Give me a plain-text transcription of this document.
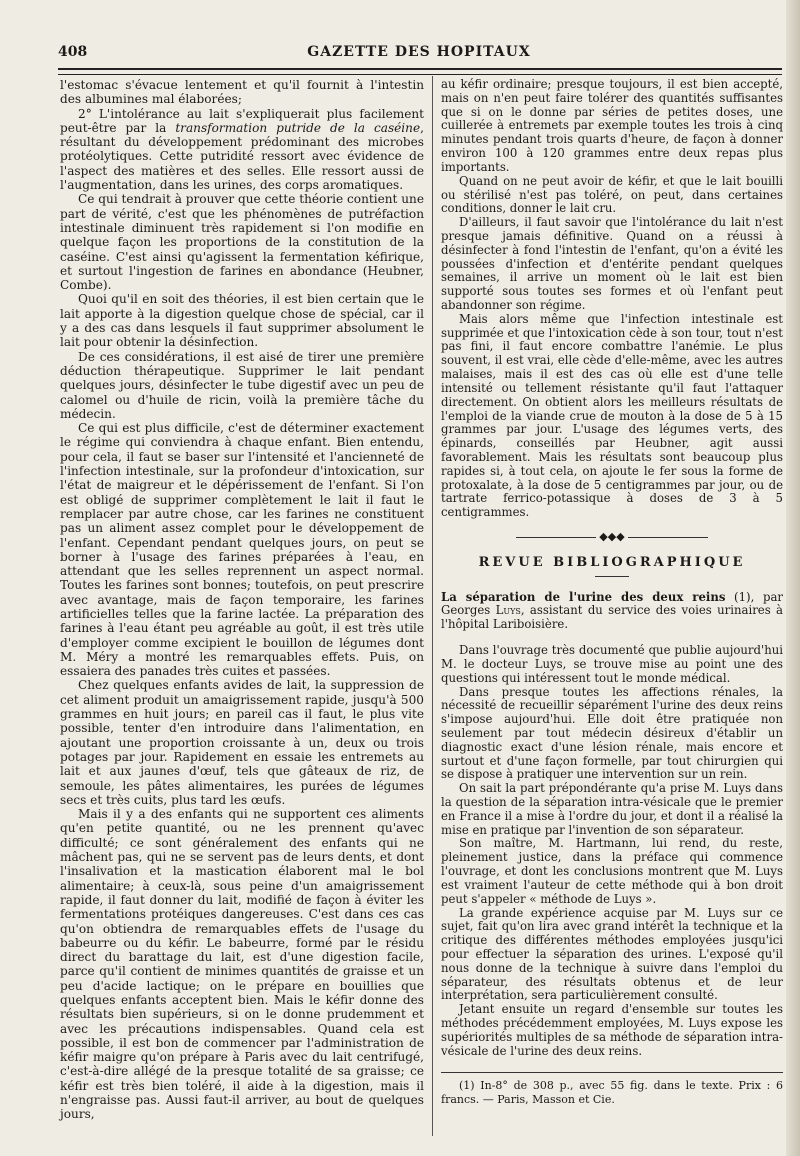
408	GAZETTE DES HOPITAUX

l'estomac s'évacue lentement et qu'il fournit à l'intestin des albumines mal élaborées;

2° L'intolérance au lait s'expliquerait plus facilement peut-être par la transformation putride de la caséine, résultant du développement prédominant des microbes protéolytiques. Cette putridité ressort avec évidence de l'aspect des matières et des selles. Elle ressort aussi de l'augmentation, dans les urines, des corps aromatiques.

Ce qui tendrait à prouver que cette théorie contient une part de vérité, c'est que les phénomènes de putréfaction intestinale diminuent très rapidement si l'on modifie en quelque façon les proportions de la constitution de la caséine. C'est ainsi qu'agissent la fermentation kéfirique, et surtout l'ingestion de farines en abondance (Heubner, Combe).

Quoi qu'il en soit des théories, il est bien certain que le lait apporte à la digestion quelque chose de spécial, car il y a des cas dans lesquels il faut supprimer absolument le lait pour obtenir la désinfection.

De ces considérations, il est aisé de tirer une première déduction thérapeutique. Supprimer le lait pendant quelques jours, désinfecter le tube digestif avec un peu de calomel ou d'huile de ricin, voilà la première tâche du médecin.

Ce qui est plus difficile, c'est de déterminer exactement le régime qui conviendra à chaque enfant. Bien entendu, pour cela, il faut se baser sur l'intensité et l'ancienneté de l'infection intestinale, sur la profondeur d'intoxication, sur l'état de maigreur et le dépérissement de l'enfant. Si l'on est obligé de supprimer complètement le lait il faut le remplacer par autre chose, car les farines ne constituent pas un aliment assez complet pour le développement de l'enfant. Cependant pendant quelques jours, on peut se borner à l'usage des farines préparées à l'eau, en attendant que les selles reprennent un aspect normal. Toutes les farines sont bonnes; toutefois, on peut prescrire avec avantage, mais de façon temporaire, les farines artificielles telles que la farine lactée. La préparation des farines à l'eau étant peu agréable au goût, il est très utile d'employer comme excipient le bouillon de légumes dont M. Méry a montré les remarquables effets. Puis, on essaiera des panades très cuites et passées.

Chez quelques enfants avides de lait, la suppression de cet aliment produit un amaigrissement rapide, jusqu'à 500 grammes en huit jours; en pareil cas il faut, le plus vite possible, tenter d'en introduire dans l'alimentation, en ajoutant une proportion croissante à un, deux ou trois potages par jour. Rapidement en essaie les entremets au lait et aux jaunes d'œuf, tels que gâteaux de riz, de semoule, les pâtes alimentaires, les purées de légumes secs et très cuits, plus tard les œufs.

Mais il y a des enfants qui ne supportent ces aliments qu'en petite quantité, ou ne les prennent qu'avec difficulté; ce sont généralement des enfants qui ne mâchent pas, qui ne se servent pas de leurs dents, et dont l'insalivation et la mastication élaborent mal le bol alimentaire; à ceux-là, sous peine d'un amaigrissement rapide, il faut donner du lait, modifié de façon à éviter les fermentations protéiques dangereuses. C'est dans ces cas qu'on obtiendra de remarquables effets de l'usage du babeurre ou du kéfir. Le babeurre, formé par le résidu direct du barattage du lait, est d'une digestion facile, parce qu'il contient de minimes quantités de graisse et un peu d'acide lactique; on le prépare en bouillies que quelques enfants acceptent bien. Mais le kéfir donne des résultats bien supérieurs, si on le donne prudemment et avec les précautions indispensables. Quand cela est possible, il est bon de commencer par l'administration de kéfir maigre qu'on prépare à Paris avec du lait centrifugé, c'est-à-dire allégé de la presque totalité de sa graisse; ce kéfir est très bien toléré, il aide à la digestion, mais il n'engraisse pas. Aussi faut-il arriver, au bout de quelques jours,

au kéfir ordinaire; presque toujours, il est bien accepté, mais on n'en peut faire tolérer des quantités suffisantes que si on le donne par séries de petites doses, une cuillerée à entremets par exemple toutes les trois à cinq minutes pendant trois quarts d'heure, de façon à donner environ 100 à 120 grammes entre deux repas plus importants.

Quand on ne peut avoir de kéfir, et que le lait bouilli ou stérilisé n'est pas toléré, on peut, dans certaines conditions, donner le lait cru.

D'ailleurs, il faut savoir que l'intolérance du lait n'est presque jamais définitive. Quand on a réussi à désinfecter à fond l'intestin de l'enfant, qu'on a évité les poussées d'infection et d'entérite pendant quelques semaines, il arrive un moment où le lait est bien supporté sous toutes ses formes et où l'enfant peut abandonner son régime.

Mais alors même que l'infection intestinale est supprimée et que l'intoxication cède à son tour, tout n'est pas fini, il faut encore combattre l'anémie. Le plus souvent, il est vrai, elle cède d'elle-même, avec les autres malaises, mais il est des cas où elle est d'une telle intensité ou tellement résistante qu'il faut l'attaquer directement. On obtient alors les meilleurs résultats de l'emploi de la viande crue de mouton à la dose de 5 à 15 grammes par jour. L'usage des légumes verts, des épinards, conseillés par Heubner, agit aussi favorablement. Mais les résultats sont beaucoup plus rapides si, à tout cela, on ajoute le fer sous la forme de protoxalate, à la dose de 5 centigrammes par jour, ou de tartrate ferrico-potassique à doses de 3 à 5 centigrammes.

◆◆◆
REVUE BIBLIOGRAPHIQUE

La séparation de l'urine des deux reins (1), par Georges Luys, assistant du service des voies urinaires à l'hôpital Lariboisière.

Dans l'ouvrage très documenté que publie aujourd'hui M. le docteur Luys, se trouve mise au point une des questions qui intéressent tout le monde médical.

Dans presque toutes les affections rénales, la nécessité de recueillir séparément l'urine des deux reins s'impose aujourd'hui. Elle doit être pratiquée non seulement par tout médecin désireux d'établir un diagnostic exact d'une lésion rénale, mais encore et surtout et d'une façon formelle, par tout chirurgien qui se dispose à pratiquer une intervention sur un rein.

On sait la part prépondérante qu'a prise M. Luys dans la question de la séparation intra-vésicale que le premier en France il a mise à l'ordre du jour, et dont il a réalisé la mise en pratique par l'invention de son séparateur.

Son maître, M. Hartmann, lui rend, du reste, pleinement justice, dans la préface qui commence l'ouvrage, et dont les conclusions montrent que M. Luys est vraiment l'auteur de cette méthode qui à bon droit peut s'appeler « méthode de Luys ».

La grande expérience acquise par M. Luys sur ce sujet, fait qu'on lira avec grand intérêt la technique et la critique des différentes méthodes employées jusqu'ici pour effectuer la séparation des urines. L'exposé qu'il nous donne de la technique à suivre dans l'emploi du séparateur, des résultats obtenus et de leur interprétation, sera particulièrement consulté.

Jetant ensuite un regard d'ensemble sur toutes les méthodes précédemment employées, M. Luys expose les supériorités multiples de sa méthode de séparation intra-vésicale de l'urine des deux reins.

(1) In-8° de 308 p., avec 55 fig. dans le texte. Prix : 6 francs. — Paris, Masson et Cie.
